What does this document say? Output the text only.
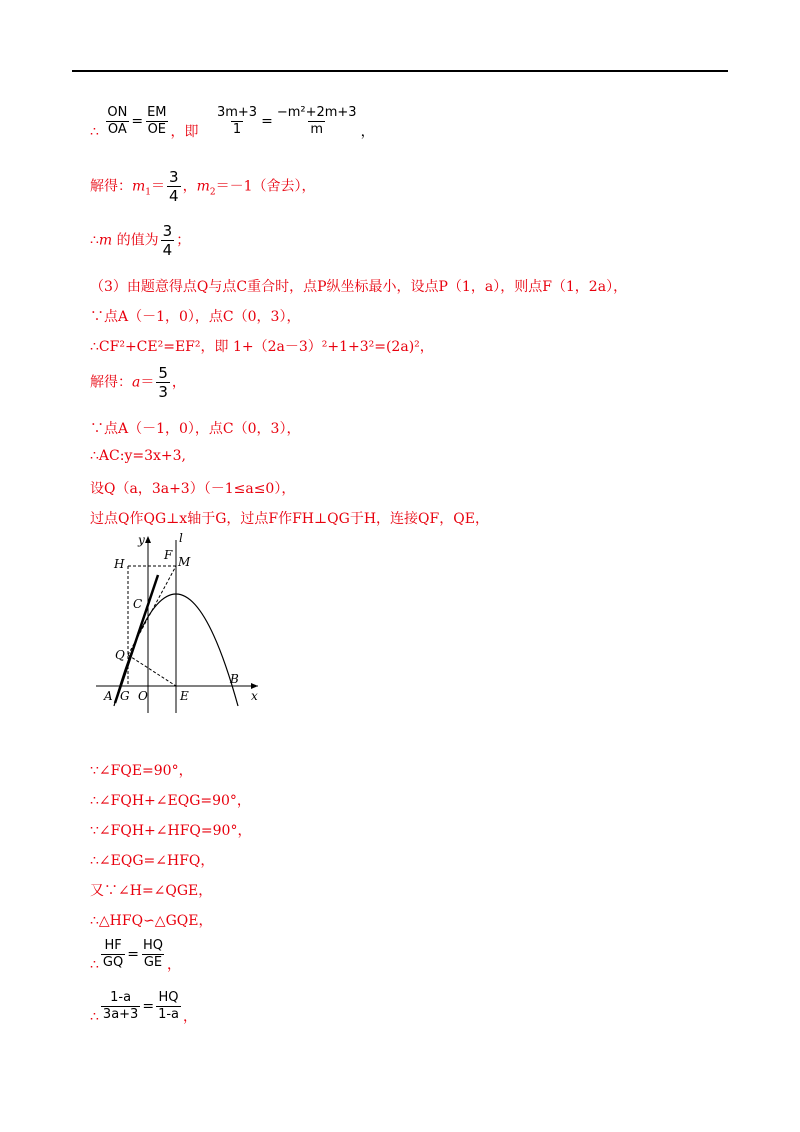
∴ $\frac{ON}{OA} = \frac{EM}{OE}$ ，即 $\frac{3m+3}{1} = \frac{\text{−m²+2m+3}}{m}$ ，
解得：$m_1= \frac{3}{4}$ ，$m_2=-1$（舍去），
∴m 的值为 $\frac{3}{4}$ ；
（3）由题意得点Q与点C重合时，点P纵坐标最小，设点P（1，a），则点F（1，2a），
∵点A（－1，0），点C（0，3），
∴CF²+CE²=EF²，即 1+（2a－3）²+1+3²=(2a)²，
解得：$a= \frac{5}{3}$ ，
∵点A（－1，0），点C（0，3），
∴AC:y=3x+3,
设Q（a，3a+3）（－1≤a≤0），
过点Q作QG⊥x轴于G，过点F作FH⊥QG于H，连接QF，QE，
y	l
H
F M
C
Q
A G O	E
B
x
∵∠FQE=90°，
∴∠FQH+∠EQG=90°，
∵∠FQH+∠HFQ=90°，
∴∠EQG=∠HFQ，
又∵∠H=∠QGE，
∴△HFQ∽△GQE，
∴ $\frac{HF}{GQ} = \frac{HQ}{GE}$ ，
∴ $\frac{1-a}{3a+3} = \frac{HQ}{1-a}$ ，
